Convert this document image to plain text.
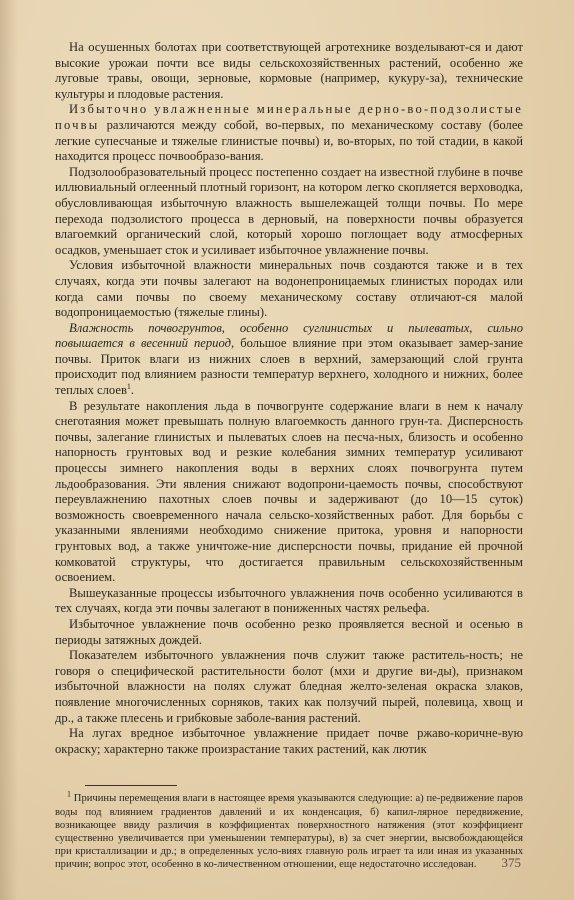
На осушенных болотах при соответствующей агротехнике возделывают-ся и дают высокие урожаи почти все виды сельскохозяйственных растений, особенно же луговые травы, овощи, зерновые, кормовые (например, кукуру-за), технические культуры и плодовые растения.

Избыточно увлажненные минеральные дерно-во-подзолистые почвы различаются между собой, во-первых, по механическому составу (более легкие супесчаные и тяжелые глинистые почвы) и, во-вторых, по той стадии, в какой находится процесс почвообразо-вания.

Подзолообразовательный процесс постепенно создает на известной глубине в почве иллювиальный оглеенный плотный горизонт, на котором легко скопляется верховодка, обусловливающая избыточную влажность вышележащей толщи почвы. По мере перехода подзолистого процесса в дерновый, на поверхности почвы образуется влагоемкий органический слой, который хорошо поглощает воду атмосферных осадков, уменьшает сток и усиливает избыточное увлажнение почвы.

Условия избыточной влажности минеральных почв создаются также и в тех случаях, когда эти почвы залегают на водонепроницаемых глинистых породах или когда сами почвы по своему механическому составу отличают-ся малой водопроницаемостью (тяжелые глины).

Влажность почвогрунтов, особенно суглинистых и пылеватых, сильно повышается в весенний период, большое влияние при этом оказывает замер-зание почвы. Приток влаги из нижних слоев в верхний, замерзающий слой грунта происходит под влиянием разности температур верхнего, холодного и нижних, более теплых слоев$^1$.

В результате накопления льда в почвогрунте содержание влаги в нем к началу снеготаяния может превышать полную влагоемкость данного грун-та. Дисперсность почвы, залегание глинистых и пылеватых слоев на песча-ных, близость и особенно напорность грунтовых вод и резкие колебания зимних температур усиливают процессы зимнего накопления воды в верхних слоях почвогрунта путем льдообразования. Эти явления снижают водопрони-цаемость почвы, способствуют переувлажнению пахотных слоев почвы и задерживают (до 10—15 суток) возможность своевременного начала сельско-хозяйственных работ. Для борьбы с указанными явлениями необходимо снижение притока, уровня и напорности грунтовых вод, а также уничтоже-ние дисперсности почвы, придание ей прочной комковатой структуры, что достигается правильным сельскохозяйственным освоением.

Вышеуказанные процессы избыточного увлажнения почв особенно усиливаются в тех случаях, когда эти почвы залегают в пониженных частях рельефа.

Избыточное увлажнение почв особенно резко проявляется весной и осенью в периоды затяжных дождей.

Показателем избыточного увлажнения почв служит также раститель-ность; не говоря о специфической растительности болот (мхи и другие ви-ды), признаком избыточной влажности на полях служат бледная желто-зеленая окраска злаков, появление многочисленных сорняков, таких как ползучий пырей, полевица, хвощ и др., а также плесень и грибковые заболе-вания растений.

На лугах вредное избыточное увлажнение придает почве ржаво-коричне-вую окраску; характерно также произрастание таких растений, как лютик

$^1$ Причины перемещения влаги в настоящее время указываются следующие: а) пе-редвижение паров воды под влиянием градиентов давлений и их конденсация, б) капил-лярное передвижение, возникающее ввиду различия в коэффициентах поверхностного натяжения (этот коэффициент существенно увеличивается при уменьшении температуры), в) за счет энергии, высвобождающейся при кристаллизации и др.; в определенных усло-виях главную роль играет та или иная из указанных причин; вопрос этот, особенно в ко-личественном отношении, еще недостаточно исследован.	375
